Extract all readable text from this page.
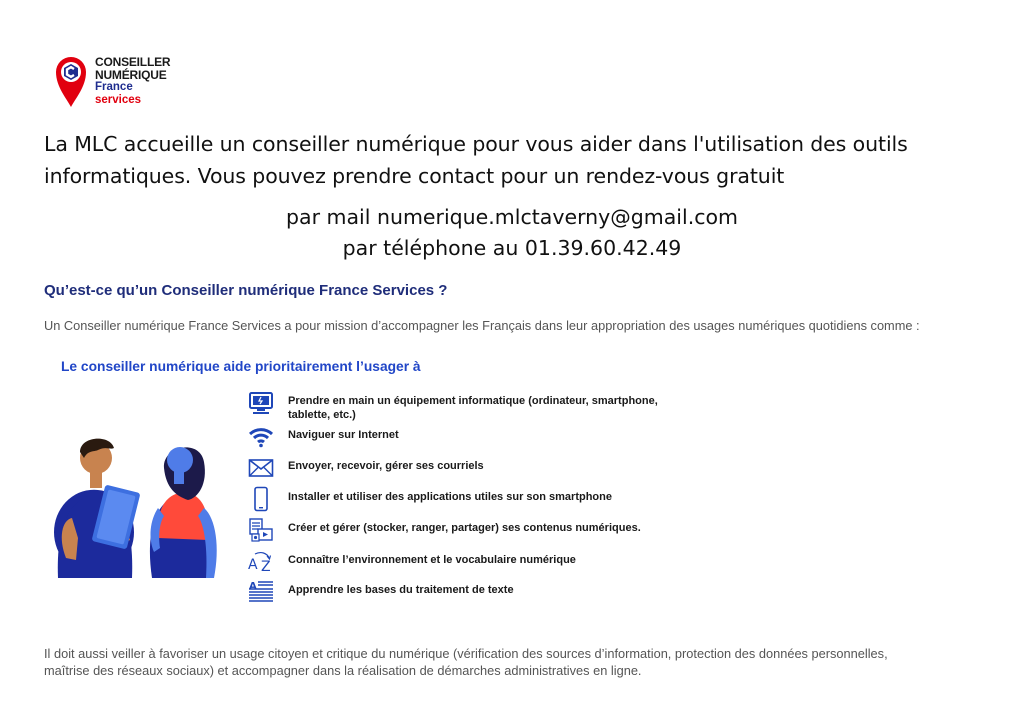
CONSEILLER
NUMÉRIQUE
France
services
La MLC accueille un conseiller numérique pour vous aider dans l'utilisation des outils
informatiques. Vous pouvez prendre contact pour un rendez-vous gratuit
par mail numerique.mlctaverny@gmail.com
par téléphone au 01.39.60.42.49
Qu’est-ce qu’un Conseiller numérique France Services ?
Un Conseiller numérique France Services a pour mission d’accompagner les Français dans leur appropriation des usages numériques quotidiens comme :
Le conseiller numérique aide prioritairement l’usager à
Prendre en main un équipement informatique (ordinateur, smartphone,
tablette, etc.)
Naviguer sur Internet
Envoyer, recevoir, gérer ses courriels
Installer et utiliser des applications utiles sur son smartphone
Créer et gérer (stocker, ranger, partager) ses contenus numériques.
A Z Connaître l’environnement et le vocabulaire numérique
A	Apprendre les bases du traitement de texte
Il doit aussi veiller à favoriser un usage citoyen et critique du numérique (vérification des sources d’information, protection des données personnelles,
maîtrise des réseaux sociaux) et accompagner dans la réalisation de démarches administratives en ligne.
